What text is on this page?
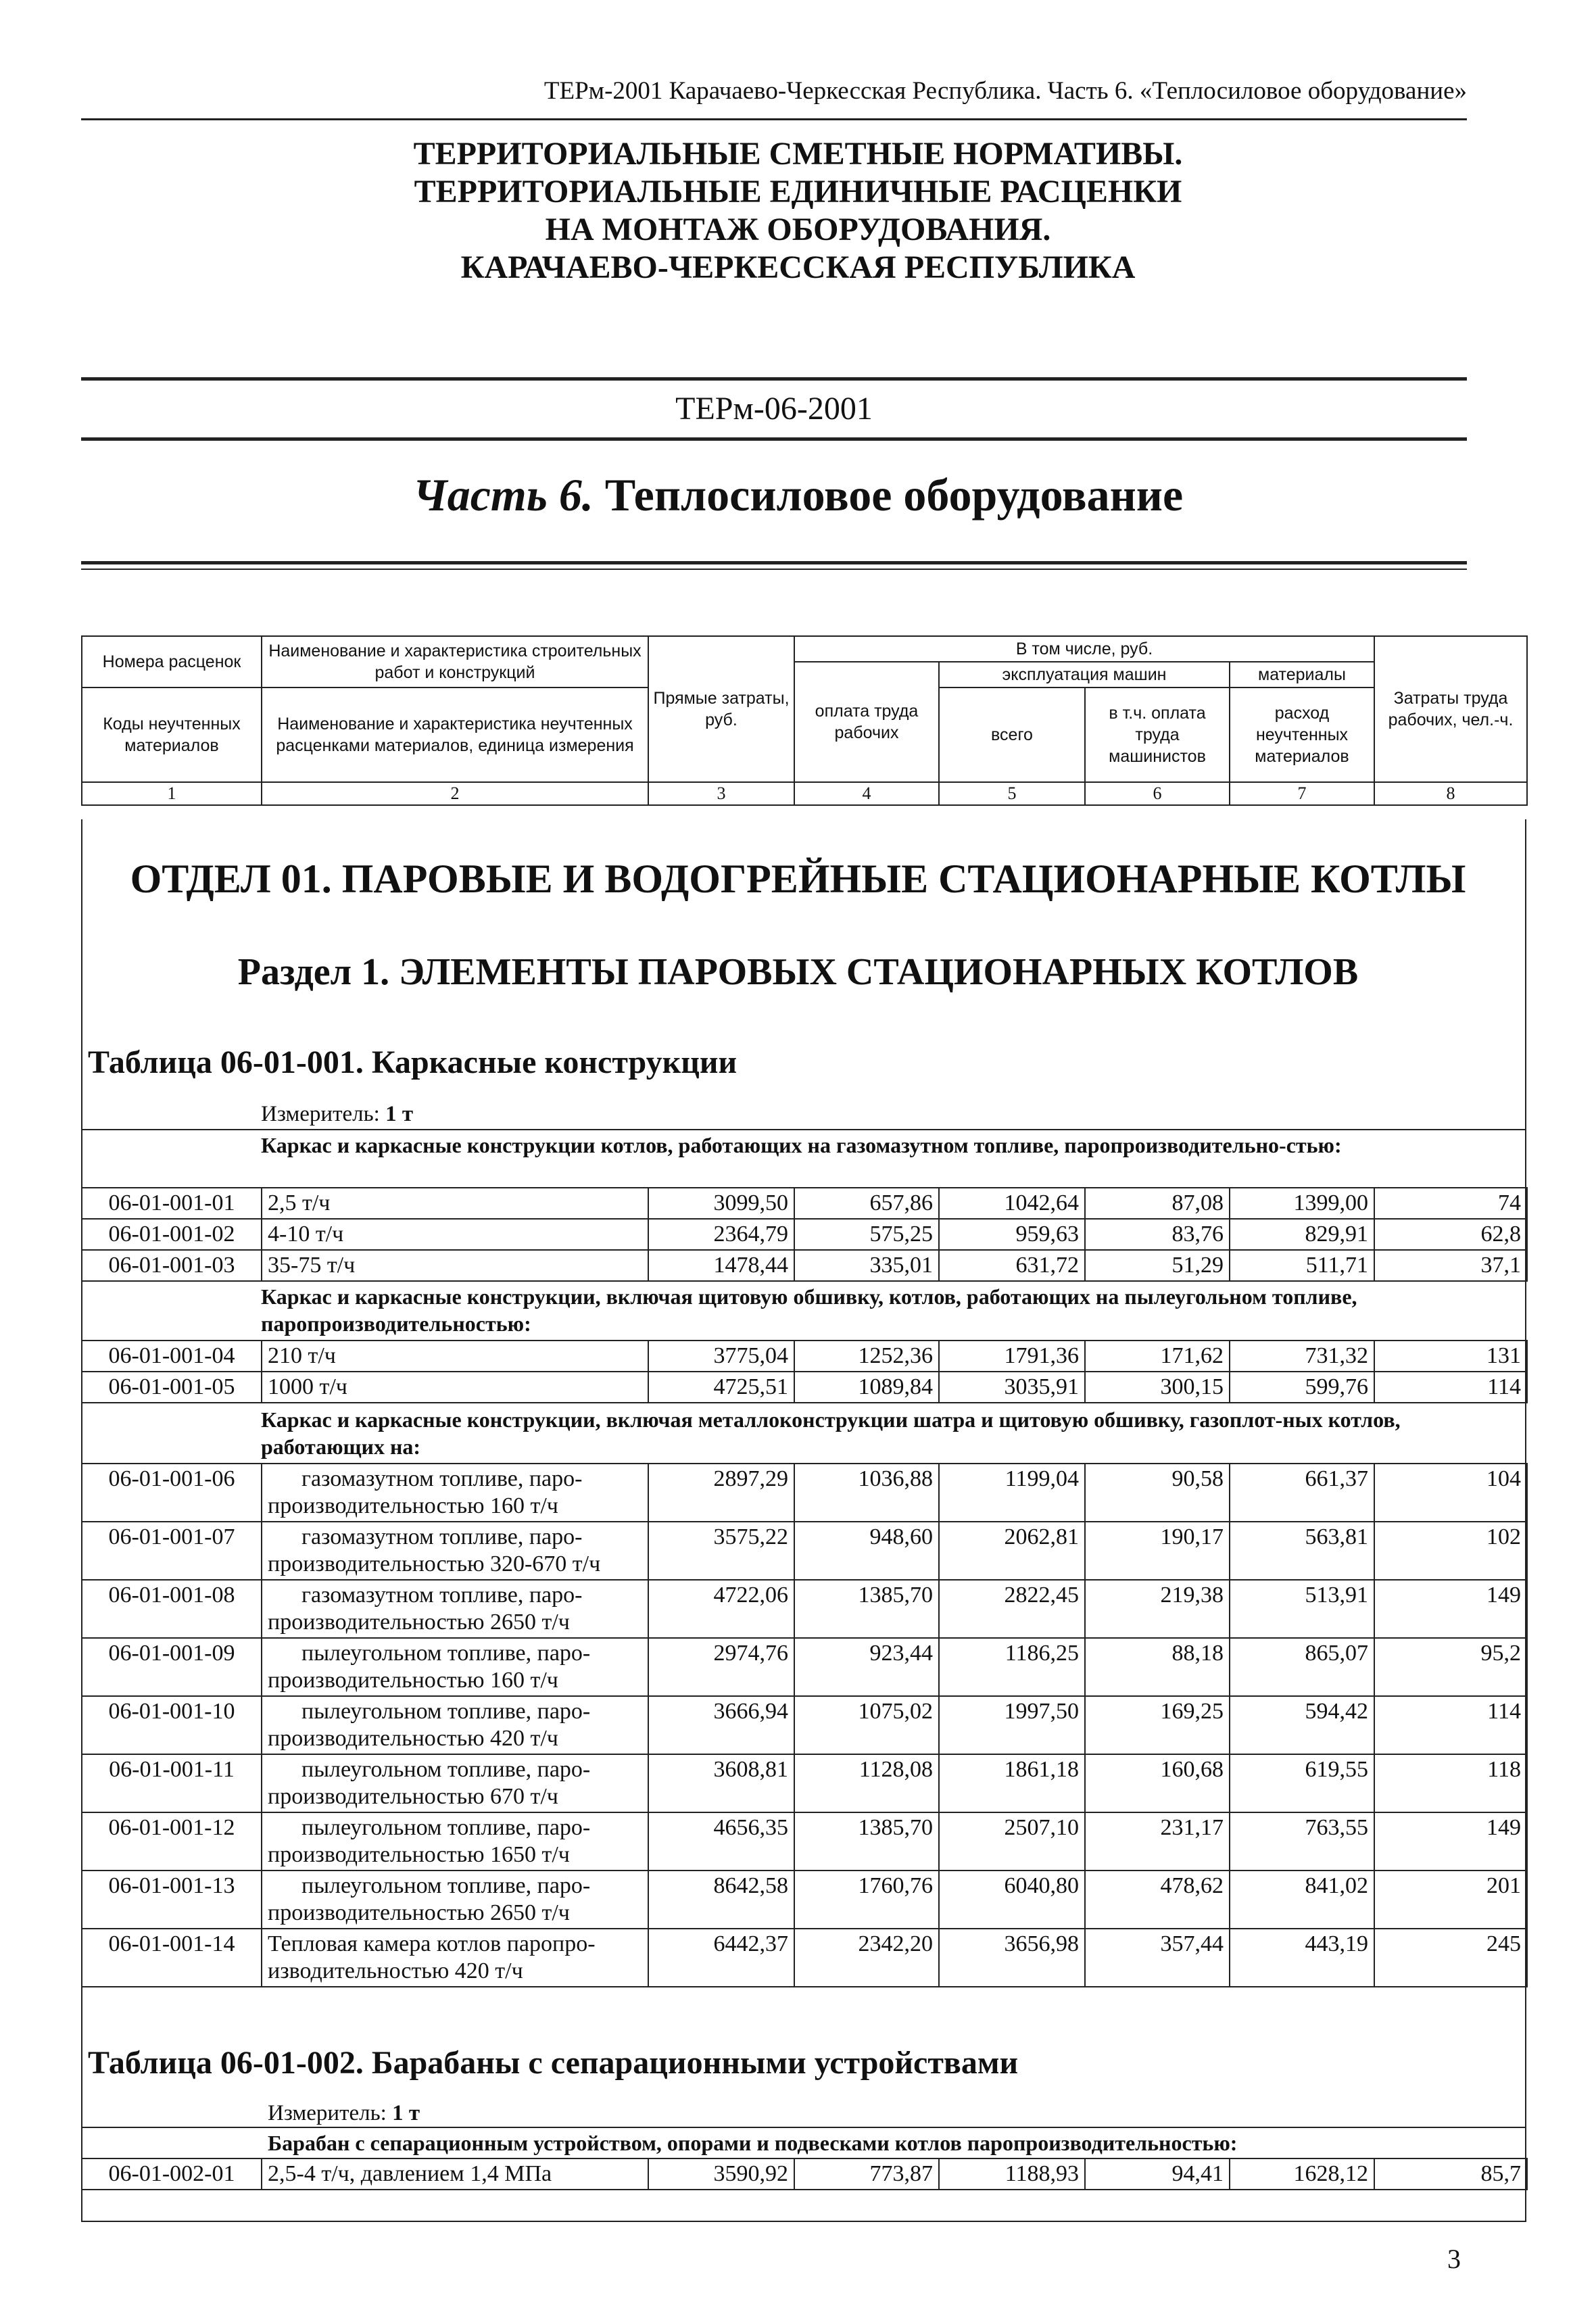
ТЕРм-2001 Карачаево-Черкесская Республика. Часть 6. «Теплосиловое оборудование»
ТЕРРИТОРИАЛЬНЫЕ СМЕТНЫЕ НОРМАТИВЫ.
ТЕРРИТОРИАЛЬНЫЕ ЕДИНИЧНЫЕ РАСЦЕНКИ
НА МОНТАЖ ОБОРУДОВАНИЯ.
КАРАЧАЕВО-ЧЕРКЕССКАЯ РЕСПУБЛИКА
ТЕРм-06-2001
Часть 6. Теплосиловое оборудование
Номера расценок	Наименование и характеристика строительных работ и конструкций	Прямые затраты, руб.	В том числе, руб.				Затраты труда рабочих, чел.-ч.
			оплата труда рабочих	эксплуатация машин		материалы	
Коды неучтенных материалов	Наименование и характеристика неучтенных расценками материалов, единица измерения			всего	в т.ч. оплата труда машинистов	расход неучтенных материалов	

1	2	3	4	5	6	7	8
ОТДЕЛ 01. ПАРОВЫЕ И ВОДОГРЕЙНЫЕ СТАЦИОНАРНЫЕ КОТЛЫ
Раздел 1. ЭЛЕМЕНТЫ ПАРОВЫХ СТАЦИОНАРНЫХ КОТЛОВ
Таблица 06-01-001. Каркасные конструкции
Измеритель: 1 т
Каркас и каркасные конструкции котлов, работающих на газомазутном топливе, паропроизводительно-стью:
06-01-001-01	2,5 т/ч	3099,50	657,86	1042,64	87,08	1399,00	74
06-01-001-02	4-10 т/ч	2364,79	575,25	959,63	83,76	829,91	62,8
06-01-001-03	35-75 т/ч	1478,44	335,01	631,72	51,29	511,71	37,1
Каркас и каркасные конструкции, включая щитовую обшивку, котлов, работающих на пылеугольном топливе, паропроизводительностью:
06-01-001-04	210 т/ч	3775,04	1252,36	1791,36	171,62	731,32	131
06-01-001-05	1000 т/ч	4725,51	1089,84	3035,91	300,15	599,76	114
Каркас и каркасные конструкции, включая металлоконструкции шатра и щитовую обшивку, газоплот-ных котлов, работающих на:
06-01-001-06	газомазутном топливе, паро-
производительностью 160 т/ч	2897,29	1036,88	1199,04	90,58	661,37	104
06-01-001-07	газомазутном топливе, паро-
производительностью 320-670 т/ч	3575,22	948,60	2062,81	190,17	563,81	102
06-01-001-08	газомазутном топливе, паро-
производительностью 2650 т/ч	4722,06	1385,70	2822,45	219,38	513,91	149
06-01-001-09	пылеугольном топливе, паро-
производительностью 160 т/ч	2974,76	923,44	1186,25	88,18	865,07	95,2
06-01-001-10	пылеугольном топливе, паро-
производительностью 420 т/ч	3666,94	1075,02	1997,50	169,25	594,42	114
06-01-001-11	пылеугольном топливе, паро-
производительностью 670 т/ч	3608,81	1128,08	1861,18	160,68	619,55	118
06-01-001-12	пылеугольном топливе, паро-
производительностью 1650 т/ч	4656,35	1385,70	2507,10	231,17	763,55	149
06-01-001-13	пылеугольном топливе, паро-
производительностью 2650 т/ч	8642,58	1760,76	6040,80	478,62	841,02	201
06-01-001-14	Тепловая камера котлов паропро-
изводительностью 420 т/ч	6442,37	2342,20	3656,98	357,44	443,19	245
Таблица 06-01-002. Барабаны с сепарационными устройствами
Измеритель: 1 т
Барабан с сепарационным устройством, опорами и подвесками котлов паропроизводительностью:
06-01-002-01	2,5-4 т/ч, давлением 1,4 МПа	3590,92	773,87	1188,93	94,41	1628,12	85,7
3
